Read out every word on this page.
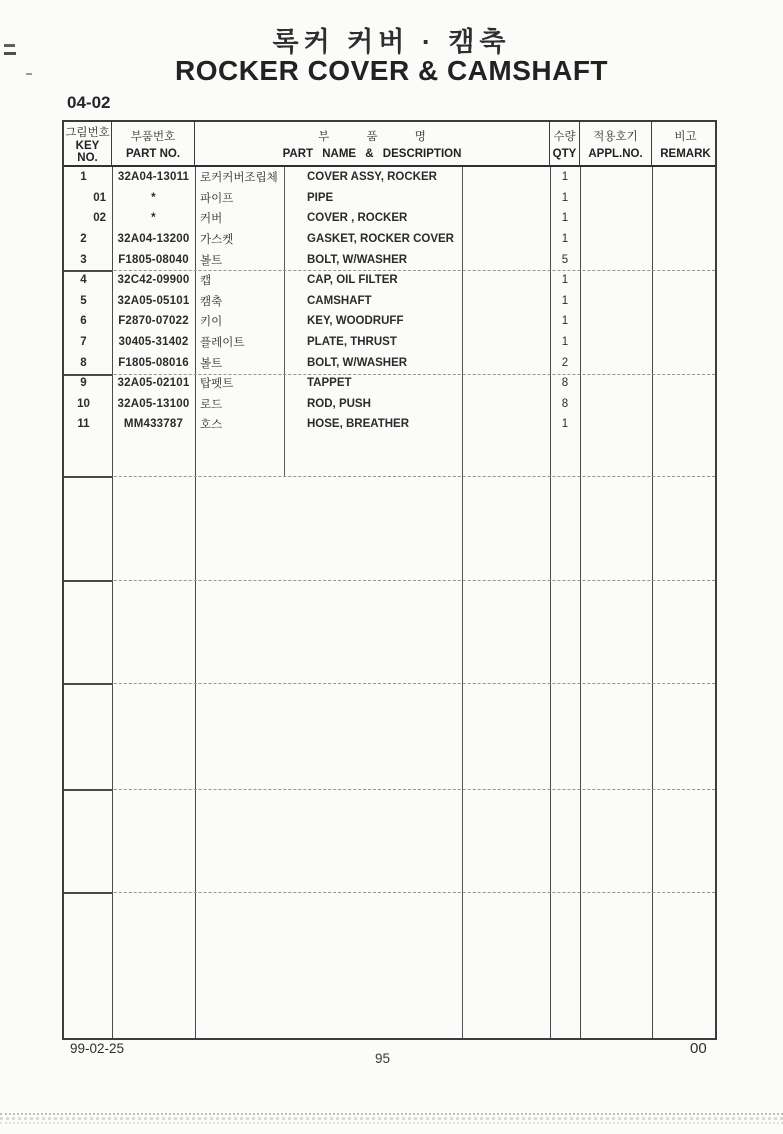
록커 커버 · 캠축
ROCKER COVER & CAMSHAFT
04-02
그림번호
KEY NO.
부품번호
PART NO.
부 품 명
PART NAME & DESCRIPTION
수량
QTY
적용호기
APPL.NO.
비고
REMARK
1	32A04-13011 로커커버조립체	COVER ASSY, ROCKER	1
01	*	파이프	PIPE	1
02	*	커버	COVER , ROCKER	1
2	32A04-13200 가스켓	GASKET, ROCKER COVER	1
3	F1805-08040 볼트	BOLT, W/WASHER	5
4	32C42-09900 캡	CAP, OIL FILTER	1
5	32A05-05101 캠축	CAMSHAFT	1
6	F2870-07022 키이	KEY, WOODRUFF	1
7	30405-31402	플레이트	PLATE, THRUST	1
8	F1805-08016 볼트	BOLT, W/WASHER	2
9	32A05-02101 탑펫트	TAPPET	8
10	32A05-13100 로드	ROD, PUSH	8
11	MM433787	호스	HOSE, BREATHER	1
99-02-25
95
00
